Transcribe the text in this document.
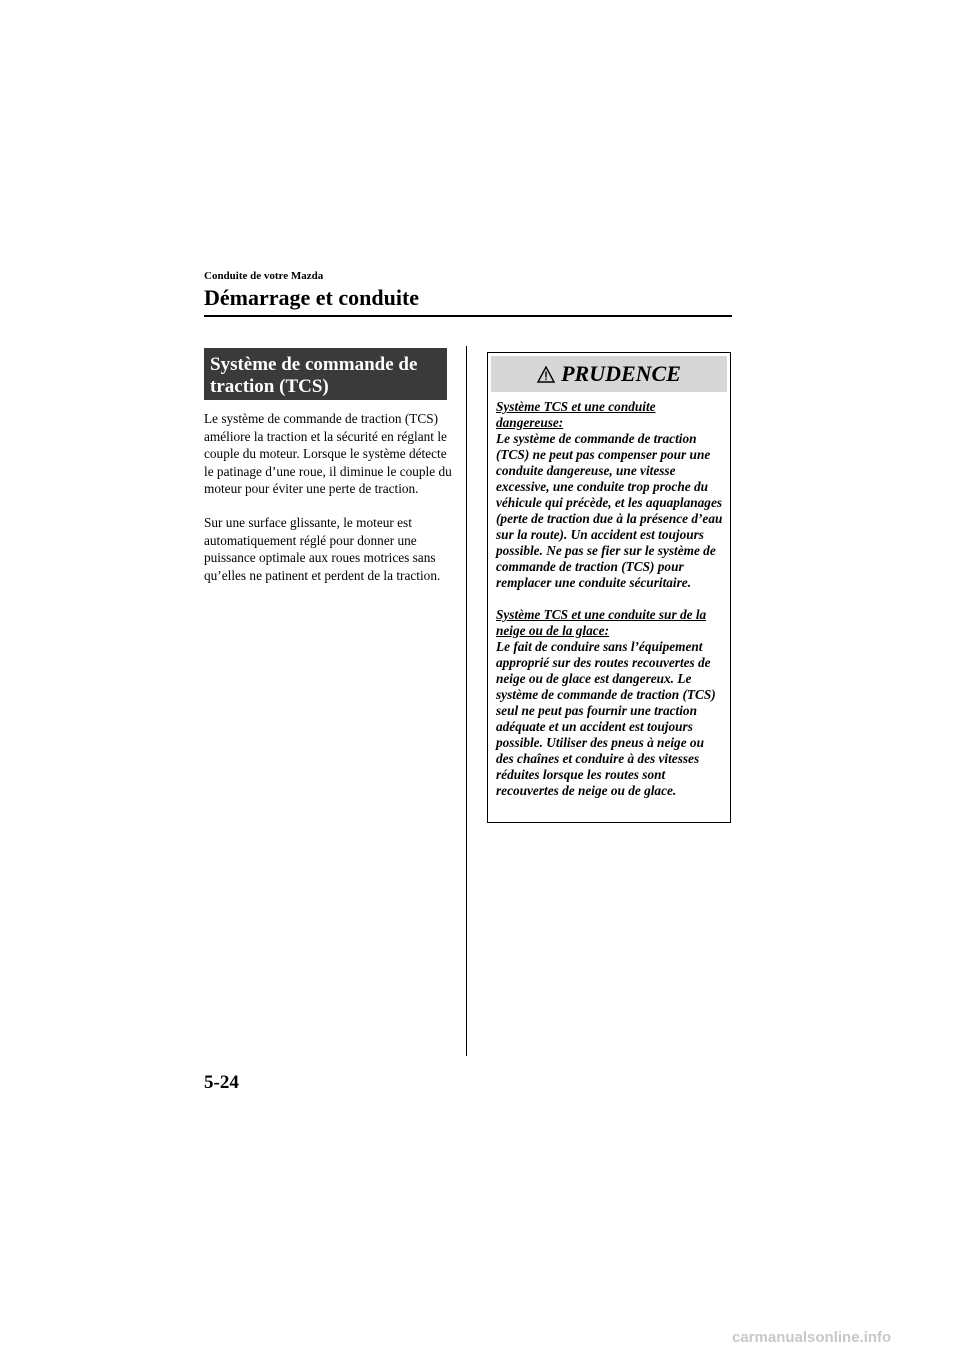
Conduite de votre Mazda
Démarrage et conduite
Système de commande de
traction (TCS)
Le système de commande de traction (TCS) améliore la traction et la sécurité en réglant le couple du moteur. Lorsque le système détecte le patinage d’une roue, il diminue le couple du moteur pour éviter une perte de traction.
Sur une surface glissante, le moteur est automatiquement réglé pour donner une puissance optimale aux roues motrices sans qu’elles ne patinent et perdent de la traction.
PRUDENCE
Système TCS et une conduite dangereuse:
Le système de commande de traction (TCS) ne peut pas compenser pour une conduite dangereuse, une vitesse excessive, une conduite trop proche du véhicule qui précède, et les aquaplanages (perte de traction due à la présence d’eau sur la route). Un accident est toujours possible. Ne pas se fier sur le système de commande de traction (TCS) pour remplacer une conduite sécuritaire.
Système TCS et une conduite sur de la neige ou de la glace:
Le fait de conduire sans l’équipement approprié sur des routes recouvertes de neige ou de glace est dangereux. Le système de commande de traction (TCS) seul ne peut pas fournir une traction adéquate et un accident est toujours possible. Utiliser des pneus à neige ou des chaînes et conduire à des vitesses réduites lorsque les routes sont recouvertes de neige ou de glace.
5-24
carmanualsonline.info
